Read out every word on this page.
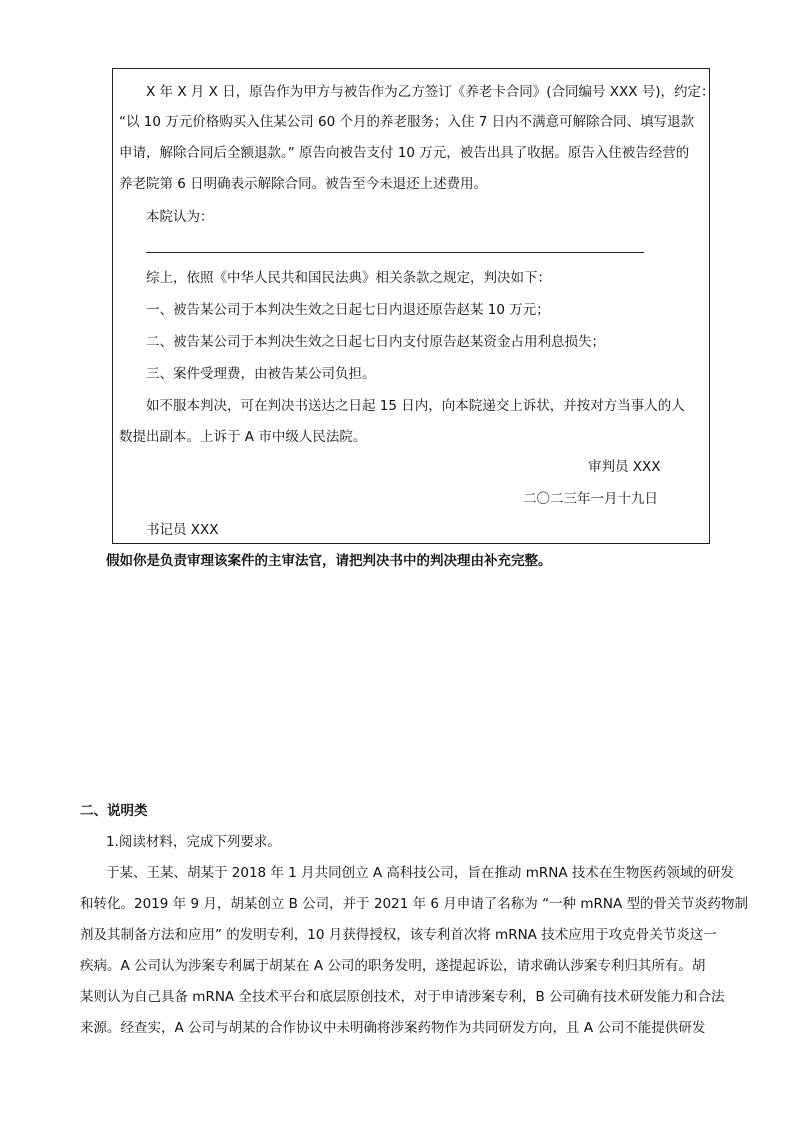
X 年 X 月 X 日，原告作为甲方与被告作为乙方签订《养老卡合同》(合同编号 XXX 号)，约定：
“以 10 万元价格购买入住某公司 60 个月的养老服务；入住 7 日内不满意可解除合同、填写退款
申请，解除合同后全额退款。” 原告向被告支付 10 万元，被告出具了收据。原告入住被告经营的
养老院第 6 日明确表示解除合同。被告至今未退还上述费用。
本院认为：
综上，依照《中华人民共和国民法典》相关条款之规定，判决如下：
一、被告某公司于本判决生效之日起七日内退还原告赵某 10 万元；
二、被告某公司于本判决生效之日起七日内支付原告赵某资金占用利息损失；
三、案件受理费，由被告某公司负担。
如不服本判决，可在判决书送达之日起 15 日内，向本院递交上诉状，并按对方当事人的人
数提出副本。上诉于 A 市中级人民法院。
审判员 XXX
二〇二三年一月十九日
书记员 XXX
假如你是负责审理该案件的主审法官，请把判决书中的判决理由补充完整。
二、说明类
1.阅读材料，完成下列要求。
于某、王某、胡某于 2018 年 1 月共同创立 A 高科技公司，旨在推动 mRNA 技术在生物医药领域的研发
和转化。2019 年 9 月，胡某创立 B 公司，并于 2021 年 6 月申请了名称为 “一种 mRNA 型的骨关节炎药物制
剂及其制备方法和应用” 的发明专利，10 月获得授权，该专利首次将 mRNA 技术应用于攻克骨关节炎这一
疾病。A 公司认为涉案专利属于胡某在 A 公司的职务发明，遂提起诉讼，请求确认涉案专利归其所有。胡
某则认为自己具备 mRNA 全技术平台和底层原创技术，对于申请涉案专利，B 公司确有技术研发能力和合法
来源。经查实，A 公司与胡某的合作协议中未明确将涉案药物作为共同研发方向，且 A 公司不能提供研发
